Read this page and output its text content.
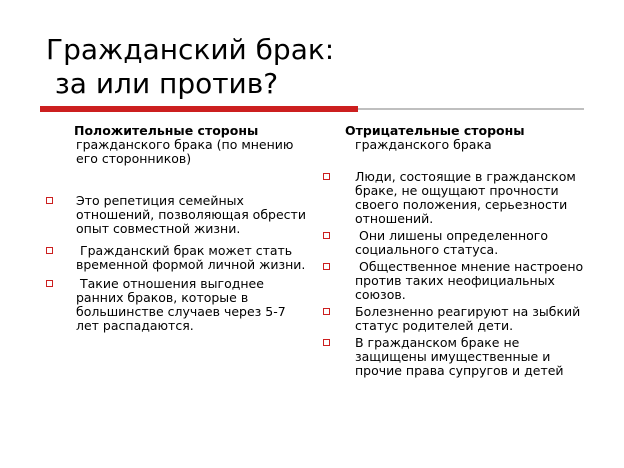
Гражданский брак:
за или против?
Положительные стороны
гражданского брака (по мнению его сторонников)
Это репетиция семейных отношений, позволяющая обрести опыт совместной жизни.
Гражданский брак может стать временной формой личной жизни.
Такие отношения выгоднее ранних браков, которые в большинстве случаев через 5-7 лет распадаются.
Отрицательные стороны
гражданского брака
Люди, состоящие в гражданском браке, не ощущают прочности своего положения, серьезности отношений.
Они лишены определенного социального статуса.
Общественное мнение настроено против таких неофициальных союзов.
Болезненно реагируют на зыбкий статус родителей дети.
В гражданском браке не защищены имущественные и прочие права супругов и детей
